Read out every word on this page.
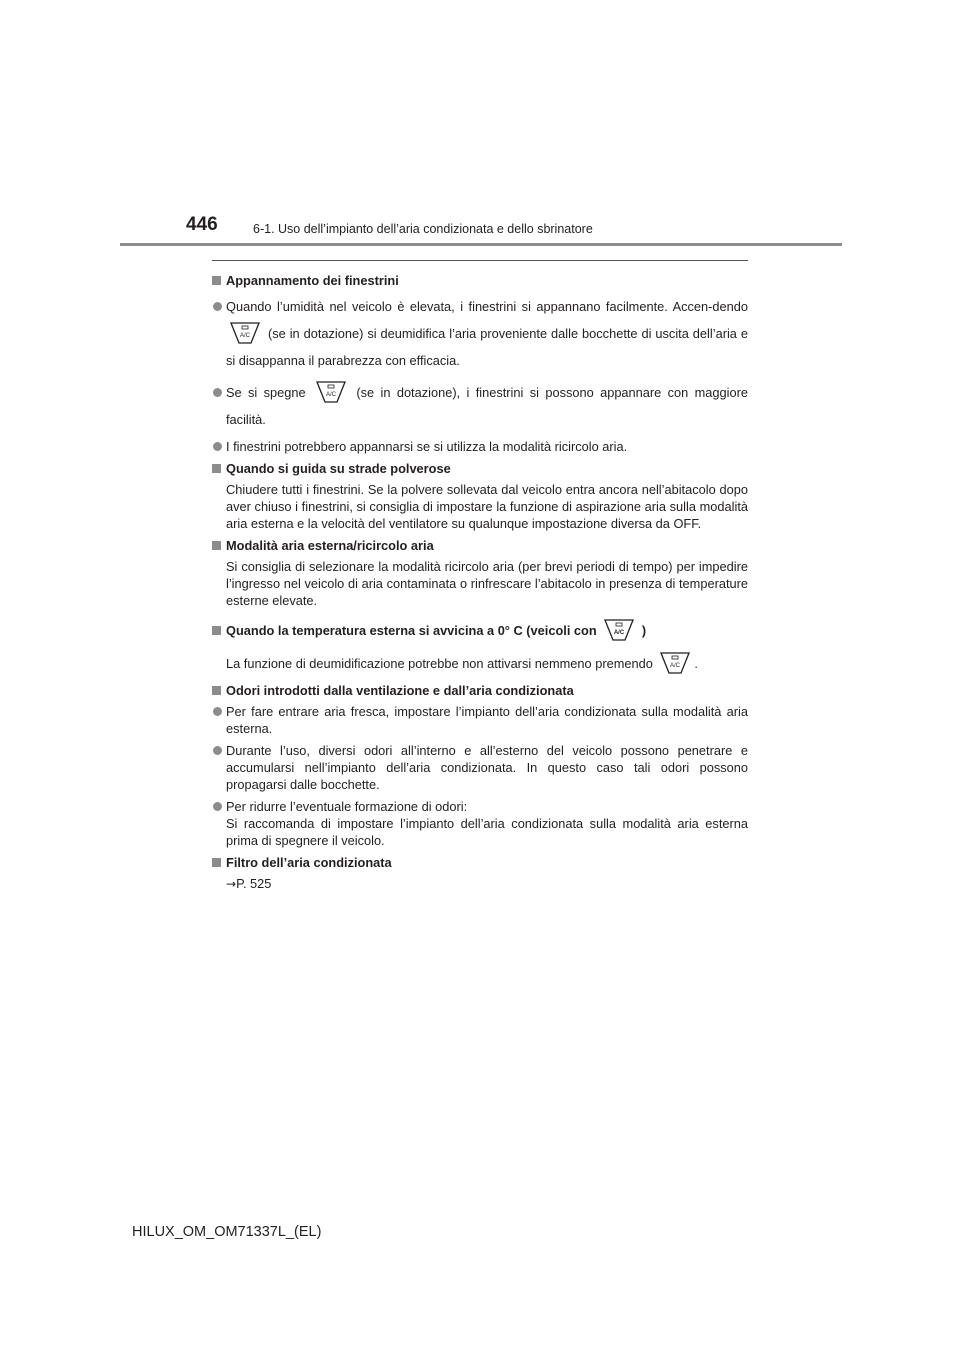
446	6-1. Uso dell’impianto dell’aria condizionata e dello sbrinatore
Appannamento dei finestrini
Quando l’umidità nel veicolo è elevata, i finestrini si appannano facilmente. Accen-dendo
A/C (se in dotazione) si deumidifica l’aria proveniente dalle bocchette di uscita dell’aria e si disappanna il parabrezza con efficacia.
Se si spegne	A/C (se in dotazione), i finestrini si possono appannare con maggiore facilità.
I finestrini potrebbero appannarsi se si utilizza la modalità ricircolo aria.
Quando si guida su strade polverose
Chiudere tutti i finestrini. Se la polvere sollevata dal veicolo entra ancora nell’abitacolo dopo aver chiuso i finestrini, si consiglia di impostare la funzione di aspirazione aria sulla modalità aria esterna e la velocità del ventilatore su qualunque impostazione diversa da OFF.
Modalità aria esterna/ricircolo aria
Si consiglia di selezionare la modalità ricircolo aria (per brevi periodi di tempo) per impedire l’ingresso nel veicolo di aria contaminata o rinfrescare l’abitacolo in presenza di temperature esterne elevate.
Quando la temperatura esterna si avvicina a 0° C (veicoli con	A/C )
La funzione di deumidificazione potrebbe non attivarsi nemmeno premendo	A/C .
Odori introdotti dalla ventilazione e dall’aria condizionata
Per fare entrare aria fresca, impostare l’impianto dell’aria condizionata sulla modalità aria esterna.
Durante l’uso, diversi odori all’interno e all’esterno del veicolo possono penetrare e accumularsi nell’impianto dell’aria condizionata. In questo caso tali odori possono propagarsi dalle bocchette.
Per ridurre l’eventuale formazione di odori:
Si raccomanda di impostare l’impianto dell’aria condizionata sulla modalità aria esterna prima di spegnere il veicolo.
Filtro dell’aria condizionata
→P. 525
HILUX_OM_OM71337L_(EL)
